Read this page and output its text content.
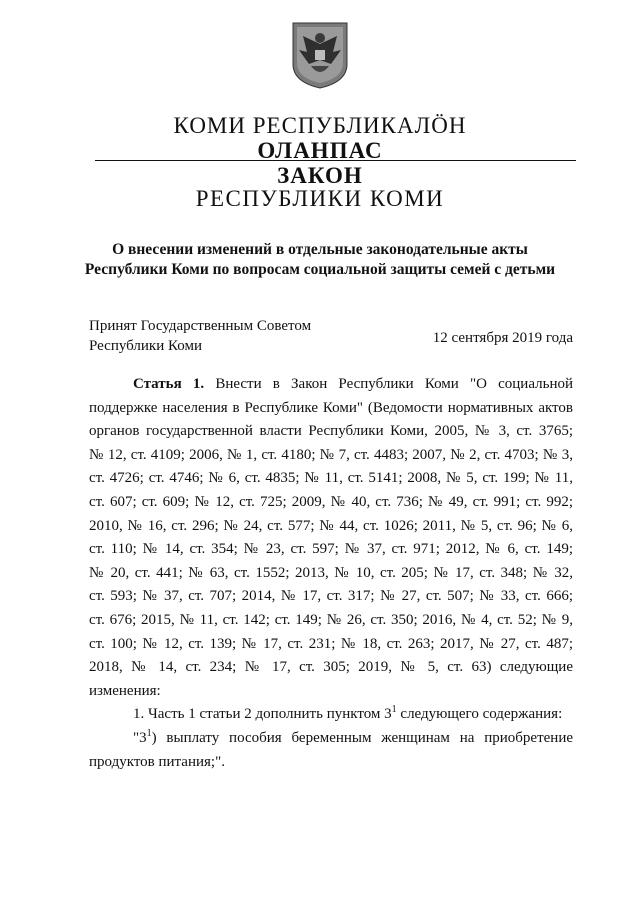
КОМИ РЕСПУБЛИКАЛÖН
ОЛАНПАС
ЗАКОН
РЕСПУБЛИКИ КОМИ
О внесении изменений в отдельные законодательные акты
Республики Коми по вопросам социальной защиты семей с детьми
Принят Государственным Советом
Республики Коми	12 сентября 2019 года
Статья 1. Внести в Закон Республики Коми "О социальной
поддержке населения в Республике Коми" (Ведомости нормативных актов
органов государственной власти Республики Коми, 2005, № 3, ст. 3765;
№ 12, ст. 4109; 2006, № 1, ст. 4180; № 7, ст. 4483; 2007, № 2, ст. 4703; № 3,
ст. 4726; ст. 4746; № 6, ст. 4835; № 11, ст. 5141; 2008, № 5, ст. 199; № 11,
ст. 607; ст. 609; № 12, ст. 725; 2009, № 40, ст. 736; № 49, ст. 991; ст. 992;
2010, № 16, ст. 296; № 24, ст. 577; № 44, ст. 1026; 2011, № 5, ст. 96; № 6,
ст. 110; № 14, ст. 354; № 23, ст. 597; № 37, ст. 971; 2012, № 6, ст. 149;
№ 20, ст. 441; № 63, ст. 1552; 2013, № 10, ст. 205; № 17, ст. 348; № 32,
ст. 593; № 37, ст. 707; 2014, № 17, ст. 317; № 27, ст. 507; № 33, ст. 666;
ст. 676; 2015, № 11, ст. 142; ст. 149; № 26, ст. 350; 2016, № 4, ст. 52; № 9,
ст. 100; № 12, ст. 139; № 17, ст. 231; № 18, ст. 263; 2017, № 27, ст. 487;
2018, № 14, ст. 234; № 17, ст. 305; 2019, № 5, ст. 63) следующие
изменения:
1. Часть 1 статьи 2 дополнить пунктом $3^1$ следующего содержания:
"$3^1$) выплату пособия беременным женщинам на приобретение
продуктов питания;".
